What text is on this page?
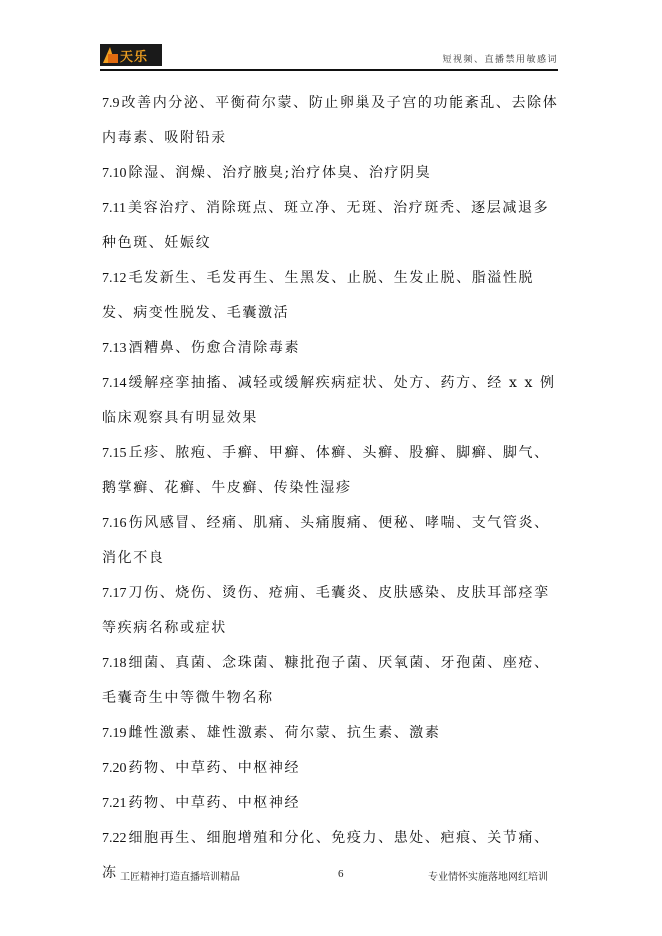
天乐	短视频、直播禁用敏感词

7.9 改善内分泌、平衡荷尔蒙、防止卵巢及子宫的功能紊乱、去除体内毒素、吸附铅汞

7.10 除湿、润燥、治疗腋臭;治疗体臭、治疗阴臭

7.11 美容治疗、消除斑点、斑立净、无斑、治疗斑秃、逐层减退多种色斑、妊娠纹

7.12 毛发新生、毛发再生、生黑发、止脱、生发止脱、脂溢性脱发、病变性脱发、毛囊激活

7.13 酒糟鼻、伤愈合清除毒素

7.14 缓解痉挛抽搐、减轻或缓解疾病症状、处方、药方、经 x x 例临床观察具有明显效果

7.15 丘疹、脓疱、手癣、甲癣、体癣、头癣、股癣、脚癣、脚气、鹅掌癣、花癣、牛皮癣、传染性湿疹

7.16 伤风感冒、经痛、肌痛、头痛腹痛、便秘、哮喘、支气管炎、消化不良

7.17 刀伤、烧伤、烫伤、疮痈、毛囊炎、皮肤感染、皮肤耳部痉挛等疾病名称或症状

7.18 细菌、真菌、念珠菌、糠批孢子菌、厌氧菌、牙孢菌、座疮、毛囊奇生中等微牛物名称

7.19 雌性激素、雄性激素、荷尔蒙、抗生素、激素

7.20 药物、中草药、中枢神经

7.21 药物、中草药、中枢神经

7.22 细胞再生、细胞增殖和分化、免疫力、患处、疤痕、关节痛、冻 工匠精神打造直播培训精品	6	专业情怀实施落地网红培训
